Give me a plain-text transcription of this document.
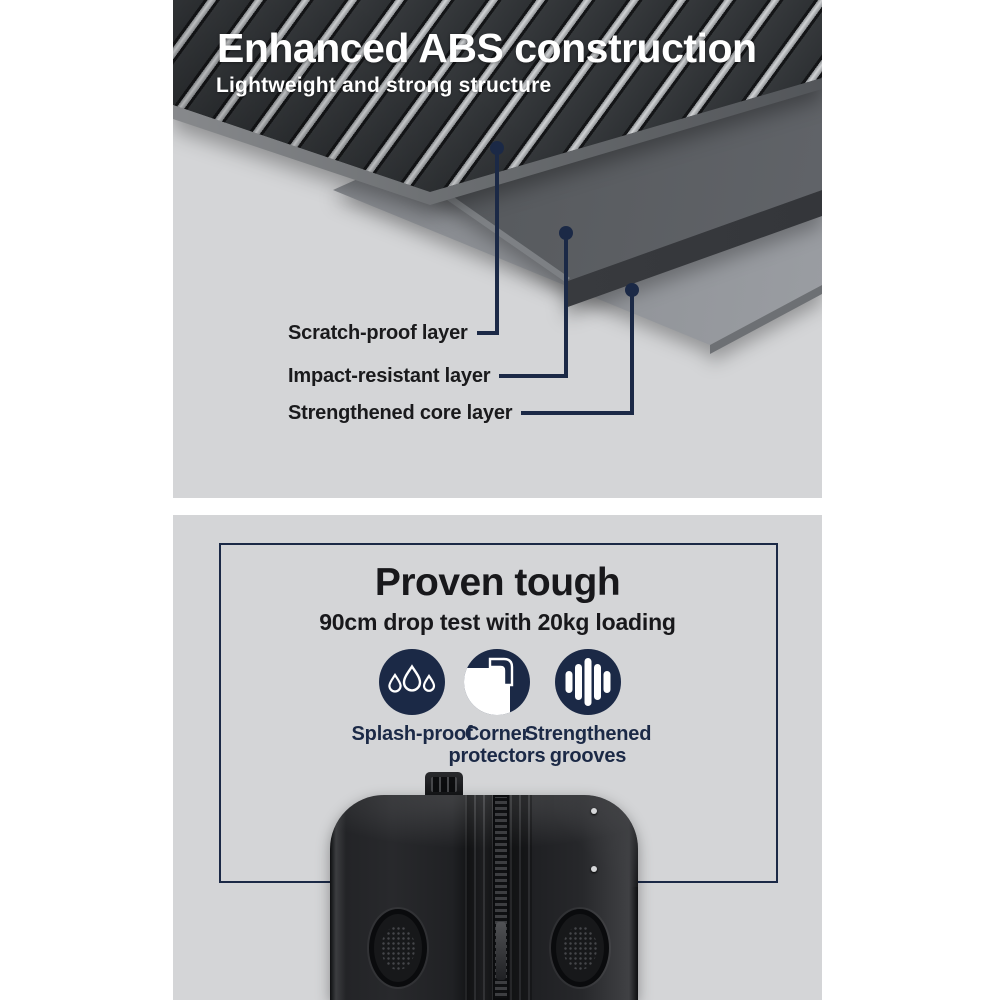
Enhanced ABS construction
Lightweight and strong structure
Scratch-proof layer
Impact-resistant layer
Strengthened core layer
Proven tough
90cm drop test with 20kg loading
Splash-proof
Corner
protectors
Strengthened
grooves
